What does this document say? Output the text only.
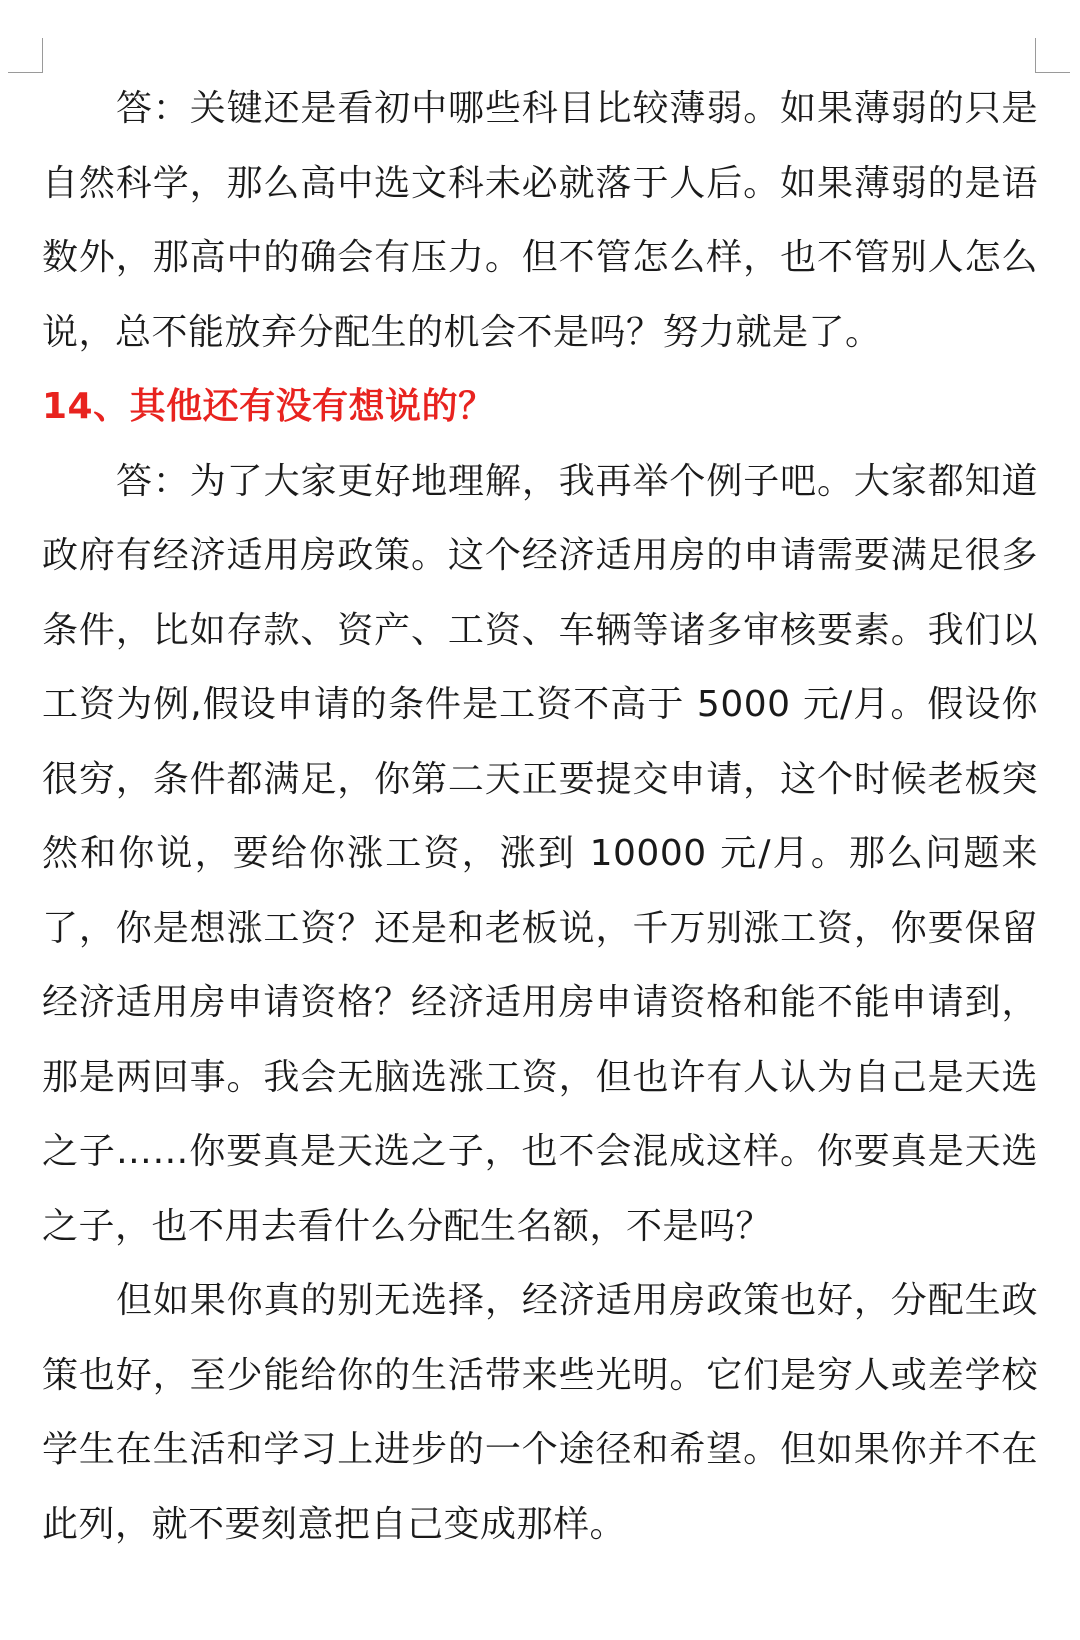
答：关键还是看初中哪些科目比较薄弱。如果薄弱的只是自然科学，那么高中选文科未必就落于人后。如果薄弱的是语数外，那高中的确会有压力。但不管怎么样，也不管别人怎么说，总不能放弃分配生的机会不是吗？努力就是了。

14、其他还有没有想说的？

答：为了大家更好地理解，我再举个例子吧。大家都知道政府有经济适用房政策。这个经济适用房的申请需要满足很多条件，比如存款、资产、工资、车辆等诸多审核要素。我们以工资为例,假设申请的条件是工资不高于 5000 元/月。假设你很穷，条件都满足，你第二天正要提交申请，这个时候老板突然和你说，要给你涨工资，涨到 10000 元/月。那么问题来了，你是想涨工资？还是和老板说，千万别涨工资，你要保留经济适用房申请资格？经济适用房申请资格和能不能申请到，那是两回事。我会无脑选涨工资，但也许有人认为自己是天选之子……你要真是天选之子，也不会混成这样。你要真是天选之子，也不用去看什么分配生名额，不是吗？

但如果你真的别无选择，经济适用房政策也好，分配生政策也好，至少能给你的生活带来些光明。它们是穷人或差学校学生在生活和学习上进步的一个途径和希望。但如果你并不在此列，就不要刻意把自己变成那样。
